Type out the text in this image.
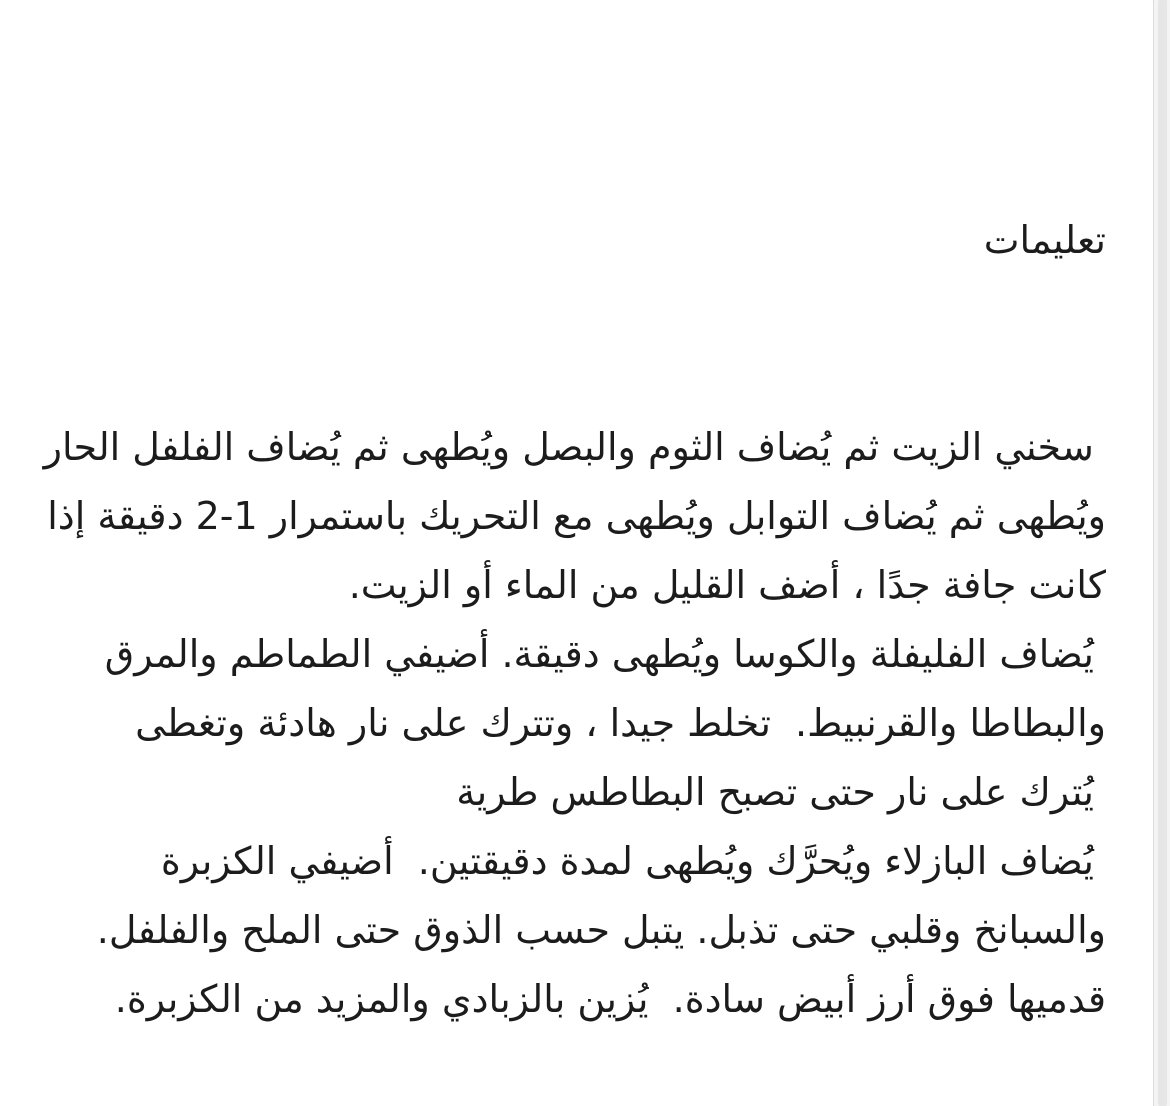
تعليمات

سخني الزيت ثم يُضاف الثوم والبصل ويُطهى ثم يُضاف الفلفل الحار ويُطهى ثم يُضاف التوابل ويُطهى مع التحريك باستمرار 1-2 دقيقة إذا كانت جافة جدًا ، أضف القليل من الماء أو الزيت.
يُضاف الفليفلة والكوسا ويُطهى دقيقة. أضيفي الطماطم والمرق والبطاطا والقرنبيط.  تخلط جيدا ، وتترك على نار هادئة وتغطى
يُترك على نار حتى تصبح البطاطس طرية
يُضاف البازلاء ويُحرَّك ويُطهى لمدة دقيقتين.  أضيفي الكزبرة والسبانخ وقلبي حتى تذبل. يتبل حسب الذوق حتى الملح والفلفل.  قدميها فوق أرز أبيض سادة.  يُزين بالزبادي والمزيد من الكزبرة.
